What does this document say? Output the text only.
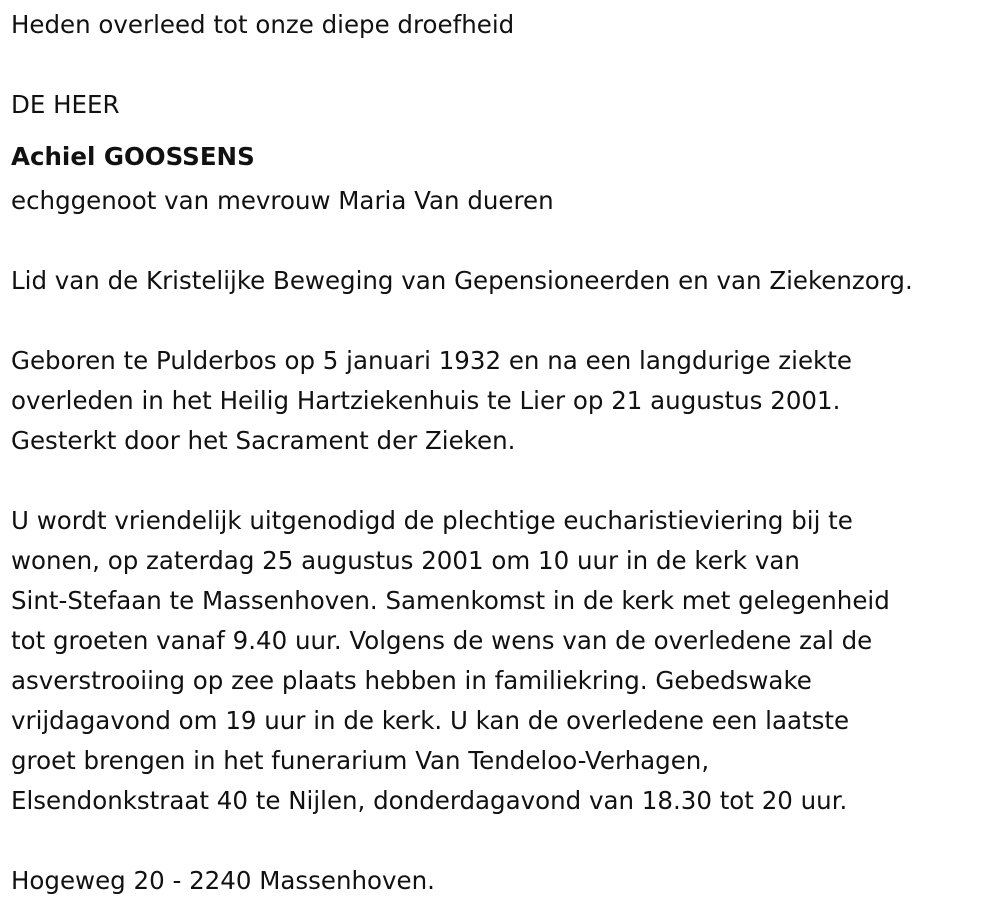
Heden overleed tot onze diepe droefheid
DE HEER
Achiel GOOSSENS
echggenoot van mevrouw Maria Van dueren
Lid van de Kristelijke Beweging van Gepensioneerden en van Ziekenzorg.
Geboren te Pulderbos op 5 januari 1932 en na een langdurige ziekte
overleden in het Heilig Hartziekenhuis te Lier op 21 augustus 2001.
Gesterkt door het Sacrament der Zieken.
U wordt vriendelijk uitgenodigd de plechtige eucharistieviering bij te
wonen, op zaterdag 25 augustus 2001 om 10 uur in de kerk van
Sint-Stefaan te Massenhoven. Samenkomst in de kerk met gelegenheid
tot groeten vanaf 9.40 uur. Volgens de wens van de overledene zal de
asverstrooiing op zee plaats hebben in familiekring. Gebedswake
vrijdagavond om 19 uur in de kerk. U kan de overledene een laatste
groet brengen in het funerarium Van Tendeloo-Verhagen,
Elsendonkstraat 40 te Nijlen, donderdagavond van 18.30 tot 20 uur.
Hogeweg 20 - 2240 Massenhoven.
